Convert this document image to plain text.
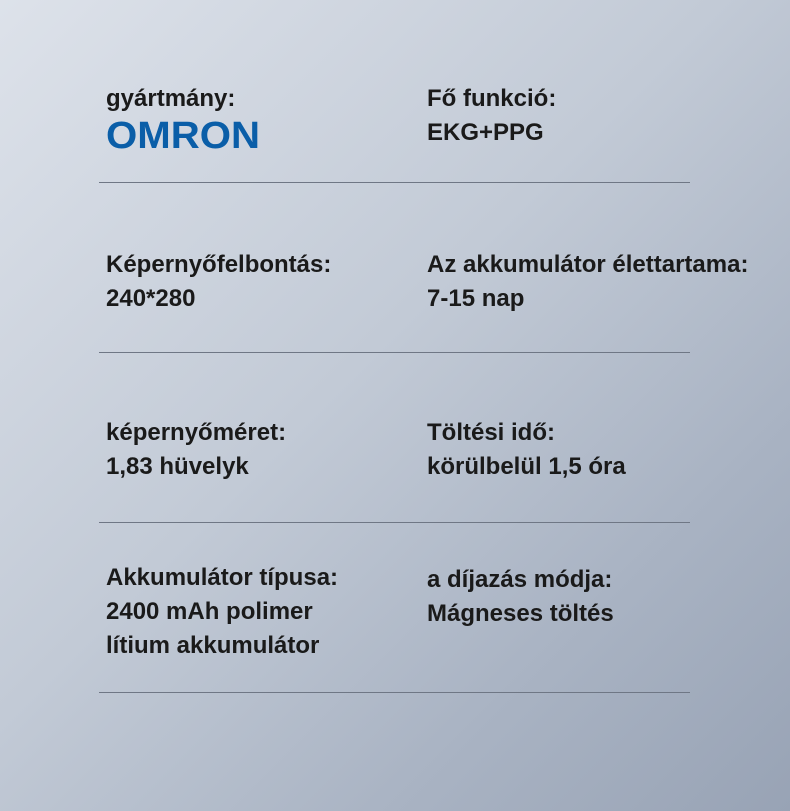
gyártmány:
OMRON
Fő funkció:
EKG+PPG
Képernyőfelbontás:
240*280
Az akkumulátor élettartama:
7-15 nap
képernyőméret:
1,83 hüvelyk
Töltési idő:
körülbelül 1,5 óra
Akkumulátor típusa:
2400 mAh polimer
lítium akkumulátor
a díjazás módja:
Mágneses töltés
